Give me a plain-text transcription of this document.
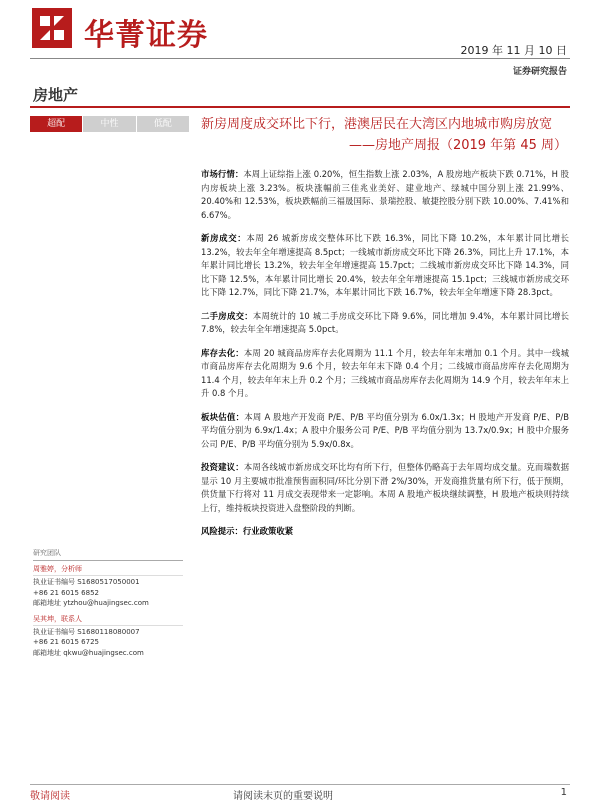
华菁证券	2019 年 11 月 10 日
证券研究报告
房地产
超配	中性	低配	新房周度成交环比下行，港澳居民在大湾区内地城市购房放宽
——房地产周报（2019 年第 45 周）

市场行情：本周上证综指上涨 0.20%，恒生指数上涨 2.03%，A 股房地产板块下跌 0.71%，H 股内房板块上涨 3.23%。板块涨幅前三佳兆业美好、建业地产、绿城中国分别上涨 21.99%、20.40%和 12.53%，板块跌幅前三福晟国际、景瑞控股、敏捷控股分别下跌 10.00%、7.41%和 6.67%。

新房成交：本周 26 城新房成交整体环比下跌 16.3%，同比下降 10.2%，本年累计同比增长 13.2%，较去年全年增速提高 8.5pct；一线城市新房成交环比下降 26.3%，同比上升 17.1%，本年累计同比增长 13.2%，较去年全年增速提高 15.7pct；二线城市新房成交环比下降 14.3%，同比下降 12.5%，本年累计同比增长 20.4%，较去年全年增速提高 15.1pct；三线城市新房成交环比下降 12.7%，同比下降 21.7%，本年累计同比下跌 16.7%，较去年全年增速下降 28.3pct。

二手房成交：本周统计的 10 城二手房成交环比下降 9.6%，同比增加 9.4%，本年累计同比增长 7.8%，较去年全年增速提高 5.0pct。

库存去化：本周 20 城商品房库存去化周期为 11.1 个月，较去年年末增加 0.1 个月。其中一线城市商品房库存去化周期为 9.6 个月，较去年年末下降 0.4 个月；二线城市商品房库存去化周期为 11.4 个月，较去年年末上升 0.2 个月；三线城市商品房库存去化周期为 14.9 个月，较去年年末上升 0.8 个月。

板块估值：本周 A 股地产开发商 P/E、P/B 平均值分别为 6.0x/1.3x；H 股地产开发商 P/E、P/B 平均值分别为 6.9x/1.4x；A 股中介服务公司 P/E、P/B 平均值分别为 13.7x/0.9x；H 股中介服务公司 P/E、P/B 平均值分别为 5.9x/0.8x。

投资建议：本周各线城市新房成交环比均有所下行，但整体仍略高于去年周均成交量。克而瑞数据显示 10 月主要城市批准预售面积同/环比分别下滑 2%/30%，开发商推货量有所下行，低于预期，供货量下行将对 11 月成交表现带来一定影响。本周 A 股地产板块继续调整，H 股地产板块则持续上行，维持板块投资进入盘整阶段的判断。

风险提示：行业政策收紧

研究团队
周雅婷，分析师
执业证书编号 S1680517050001
+86 21 6015 6852
邮箱地址 ytzhou@huajingsec.com
吴其坤，联系人
执业证书编号 S1680118080007
+86 21 6015 6725
邮箱地址 qkwu@huajingsec.com
敬请阅读	请阅读末页的重要说明	1
